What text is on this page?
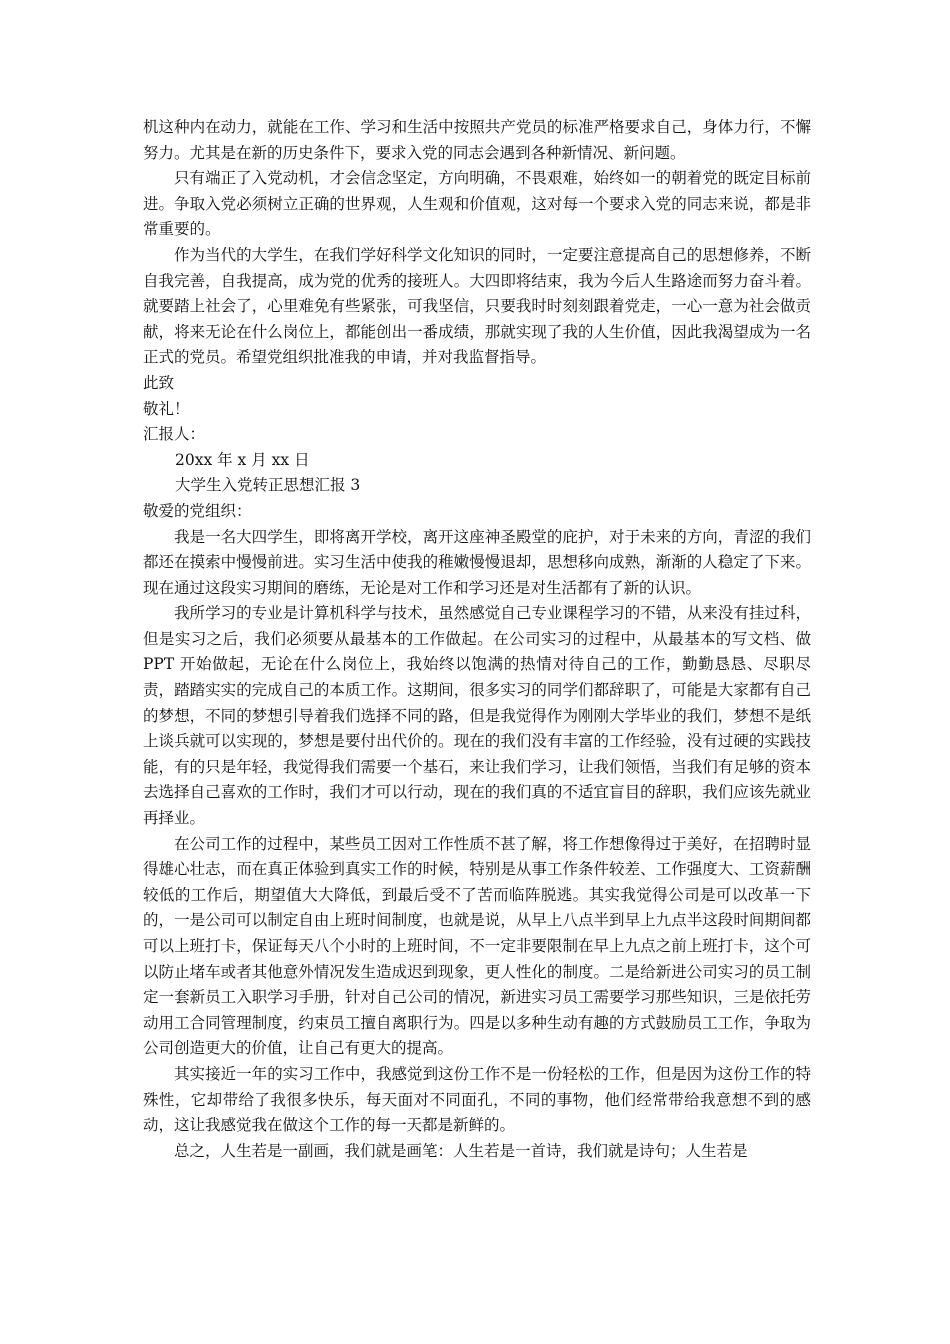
机这种内在动力，就能在工作、学习和生活中按照共产党员的标准严格要求自己，身体力行，不懈努力。尤其是在新的历史条件下，要求入党的同志会遇到各种新情况、新问题。

只有端正了入党动机，才会信念坚定，方向明确，不畏艰难，始终如一的朝着党的既定目标前进。争取入党必须树立正确的世界观，人生观和价值观，这对每一个要求入党的同志来说，都是非常重要的。

作为当代的大学生，在我们学好科学文化知识的同时，一定要注意提高自己的思想修养，不断自我完善，自我提高，成为党的优秀的接班人。大四即将结束，我为今后人生路途而努力奋斗着。就要踏上社会了，心里难免有些紧张，可我坚信，只要我时时刻刻跟着党走，一心一意为社会做贡献，将来无论在什么岗位上，都能创出一番成绩，那就实现了我的人生价值，因此我渴望成为一名正式的党员。希望党组织批准我的申请，并对我监督指导。

此致

敬礼！

汇报人：

20xx 年 x 月 xx 日

大学生入党转正思想汇报 3

敬爱的党组织：

我是一名大四学生，即将离开学校，离开这座神圣殿堂的庇护，对于未来的方向，青涩的我们都还在摸索中慢慢前进。实习生活中使我的稚嫩慢慢退却，思想移向成熟，渐渐的人稳定了下来。现在通过这段实习期间的磨练，无论是对工作和学习还是对生活都有了新的认识。

我所学习的专业是计算机科学与技术，虽然感觉自己专业课程学习的不错，从来没有挂过科，但是实习之后，我们必须要从最基本的工作做起。在公司实习的过程中，从最基本的写文档、做 PPT 开始做起，无论在什么岗位上，我始终以饱满的热情对待自己的工作，勤勤恳恳、尽职尽责，踏踏实实的完成自己的本质工作。这期间，很多实习的同学们都辞职了，可能是大家都有自己的梦想，不同的梦想引导着我们选择不同的路，但是我觉得作为刚刚大学毕业的我们，梦想不是纸上谈兵就可以实现的，梦想是要付出代价的。现在的我们没有丰富的工作经验，没有过硬的实践技能，有的只是年轻，我觉得我们需要一个基石，来让我们学习，让我们领悟，当我们有足够的资本去选择自己喜欢的工作时，我们才可以行动，现在的我们真的不适宜盲目的辞职，我们应该先就业再择业。

在公司工作的过程中，某些员工因对工作性质不甚了解，将工作想像得过于美好，在招聘时显得雄心壮志，而在真正体验到真实工作的时候，特别是从事工作条件较差、工作强度大、工资薪酬较低的工作后，期望值大大降低，到最后受不了苦而临阵脱逃。其实我觉得公司是可以改革一下的，一是公司可以制定自由上班时间制度，也就是说，从早上八点半到早上九点半这段时间期间都可以上班打卡，保证每天八个小时的上班时间，不一定非要限制在早上九点之前上班打卡，这个可以防止堵车或者其他意外情况发生造成迟到现象，更人性化的制度。二是给新进公司实习的员工制定一套新员工入职学习手册，针对自己公司的情况，新进实习员工需要学习那些知识，三是依托劳动用工合同管理制度，约束员工擅自离职行为。四是以多种生动有趣的方式鼓励员工工作，争取为公司创造更大的价值，让自己有更大的提高。

其实接近一年的实习工作中，我感觉到这份工作不是一份轻松的工作，但是因为这份工作的特殊性，它却带给了我很多快乐，每天面对不同面孔，不同的事物，他们经常带给我意想不到的感动，这让我感觉我在做这个工作的每一天都是新鲜的。

总之，人生若是一副画，我们就是画笔：人生若是一首诗，我们就是诗句；人生若是
